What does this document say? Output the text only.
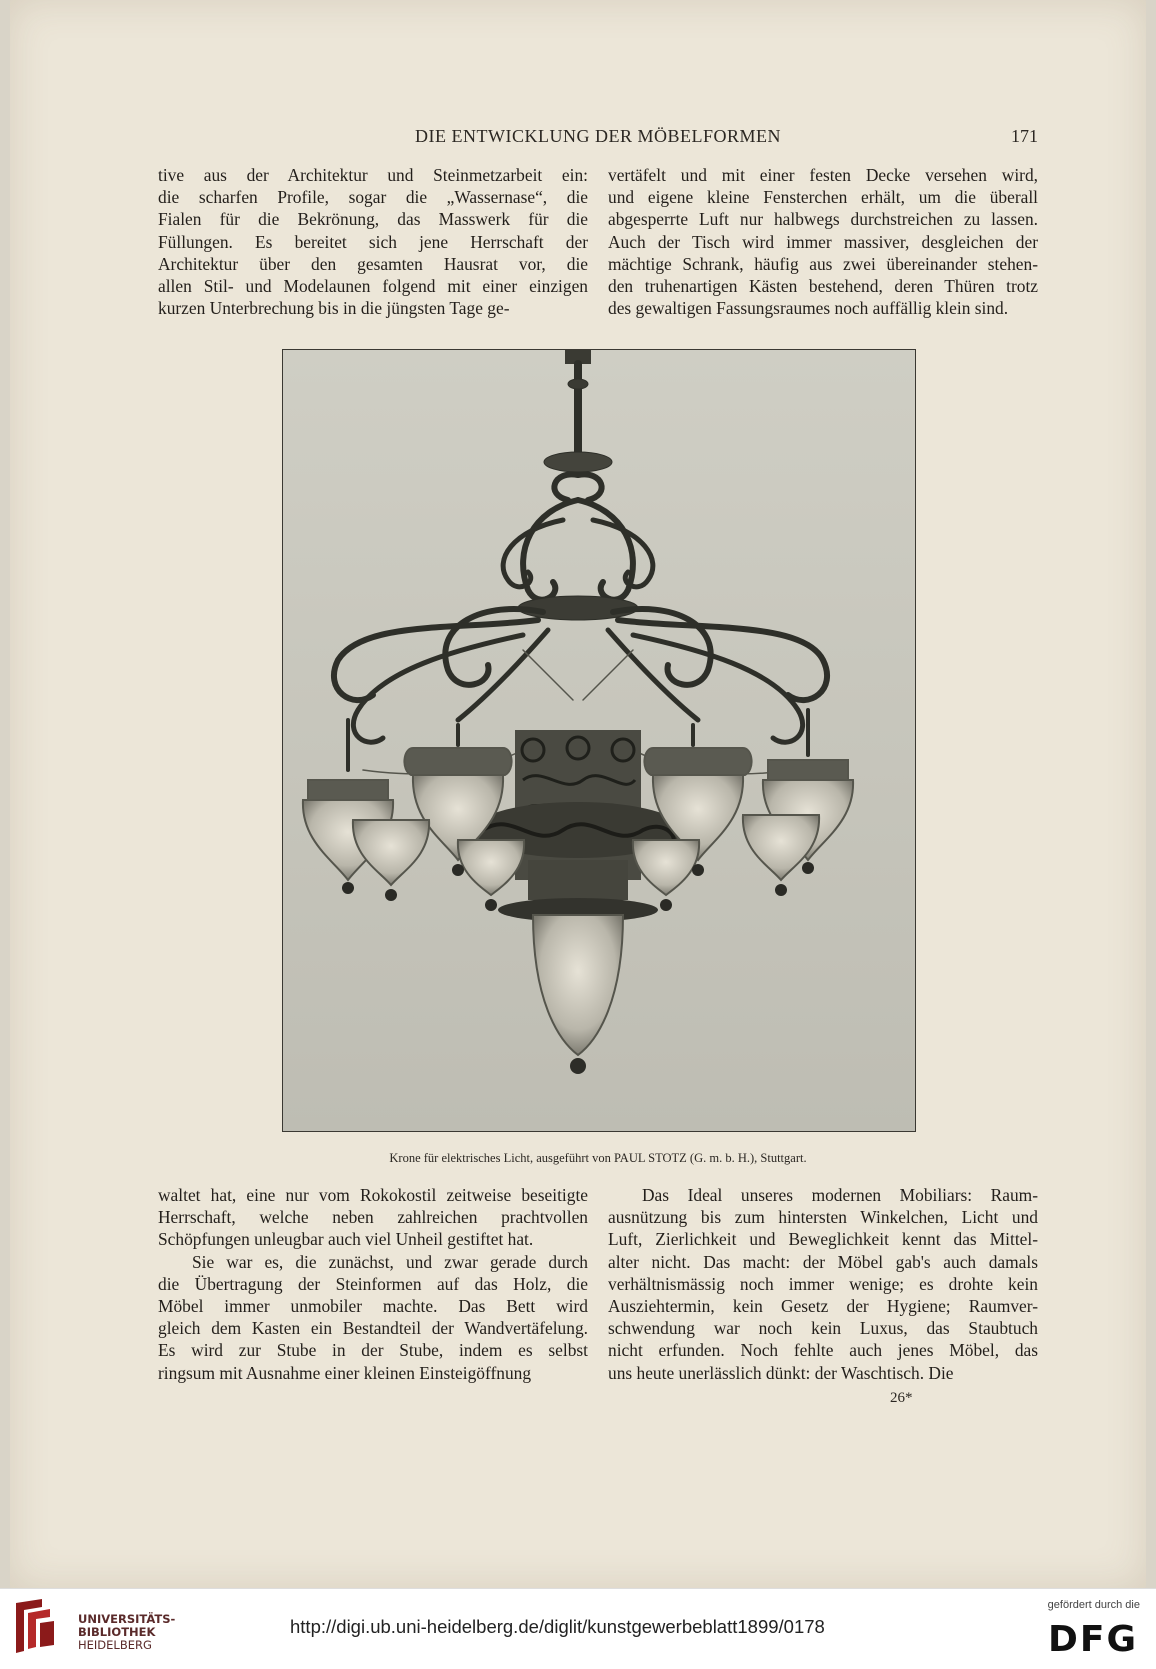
DIE ENTWICKLUNG DER MÖBELFORMEN	171
tive aus der Architektur und Steinmetzarbeit ein:
die scharfen Profile, sogar die „Wassernase“, die
Fialen für die Bekrönung, das Masswerk für die
Füllungen. Es bereitet sich jene Herrschaft der
Architektur über den gesamten Hausrat vor, die
allen Stil- und Modelaunen folgend mit einer einzigen
kurzen Unterbrechung bis in die jüngsten Tage ge-
vertäfelt und mit einer festen Decke versehen wird,
und eigene kleine Fensterchen erhält, um die überall
abgesperrte Luft nur halbwegs durchstreichen zu lassen.
Auch der Tisch wird immer massiver, desgleichen der
mächtige Schrank, häufig aus zwei übereinander stehen-
den truhenartigen Kästen bestehend, deren Thüren trotz
des gewaltigen Fassungsraumes noch auffällig klein sind.
Krone für elektrisches Licht, ausgeführt von PAUL STOTZ (G. m. b. H.), Stuttgart.
waltet hat, eine nur vom Rokokostil zeitweise beseitigte
Herrschaft, welche neben zahlreichen prachtvollen
Schöpfungen unleugbar auch viel Unheil gestiftet hat.
Sie war es, die zunächst, und zwar gerade durch
die Übertragung der Steinformen auf das Holz, die
Möbel immer unmobiler machte. Das Bett wird
gleich dem Kasten ein Bestandteil der Wandvertäfelung.
Es wird zur Stube in der Stube, indem es selbst
ringsum mit Ausnahme einer kleinen Einsteigöffnung
Das Ideal unseres modernen Mobiliars: Raum-
ausnützung bis zum hintersten Winkelchen, Licht und
Luft, Zierlichkeit und Beweglichkeit kennt das Mittel-
alter nicht. Das macht: der Möbel gab's auch damals
verhältnismässig noch immer wenige; es drohte kein
Ausziehtermin, kein Gesetz der Hygiene; Raumver-
schwendung war noch kein Luxus, das Staubtuch
nicht erfunden. Noch fehlte auch jenes Möbel, das
uns heute unerlässlich dünkt: der Waschtisch. Die
26*
UNIVERSITÄTS-
BIBLIOTHEK
HEIDELBERG
http://digi.ub.uni-heidelberg.de/diglit/kunstgewerbeblatt1899/0178
gefördert durch die
DFG
